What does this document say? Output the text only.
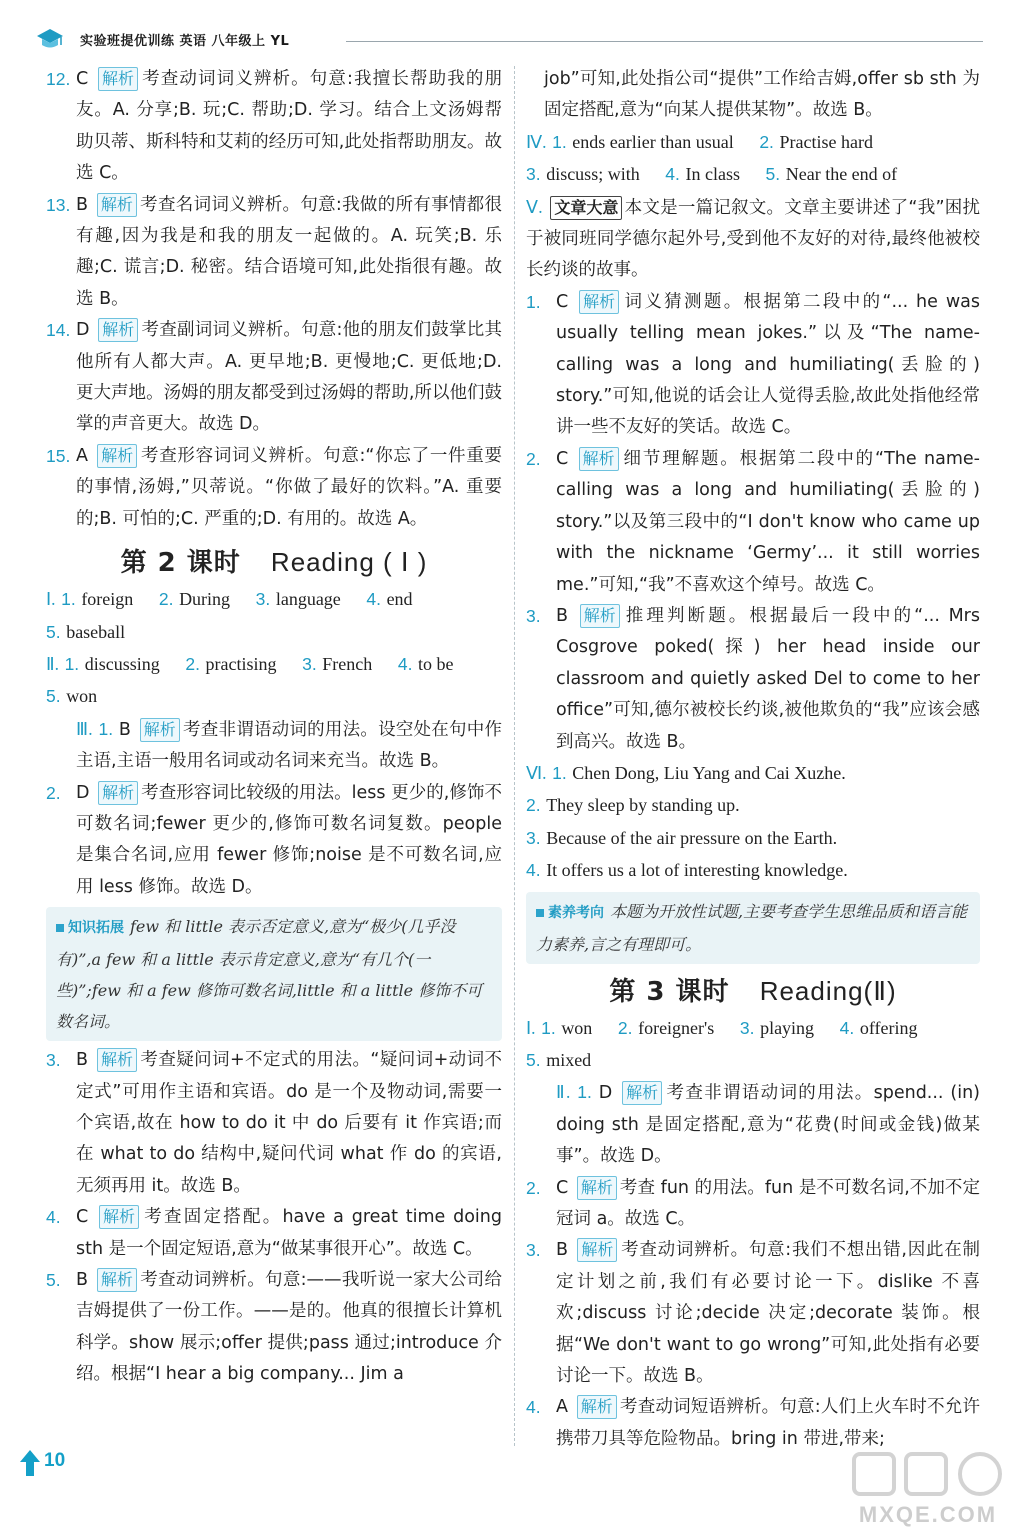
实验班提优训练 英语 八年级上 YL
12. C 解析 考查动词词义辨析。句意:我擅长帮助我的朋友。A. 分享;B. 玩;C. 帮助;D. 学习。结合上文汤姆帮助贝蒂、斯科特和艾莉的经历可知,此处指帮助朋友。故选 C。
13. B 解析 考查名词词义辨析。句意:我做的所有事情都很有趣,因为我是和我的朋友一起做的。A. 玩笑;B. 乐趣;C. 谎言;D. 秘密。结合语境可知,此处指很有趣。故选 B。
14. D 解析 考查副词词义辨析。句意:他的朋友们鼓掌比其他所有人都大声。A. 更早地;B. 更慢地;C. 更低地;D. 更大声地。汤姆的朋友都受到过汤姆的帮助,所以他们鼓掌的声音更大。故选 D。
15. A 解析 考查形容词词义辨析。句意:“你忘了一件重要的事情,汤姆,”贝蒂说。“你做了最好的饮料。”A. 重要的;B. 可怕的;C. 严重的;D. 有用的。故选 A。
第 2 课时 Reading ( Ⅰ )
Ⅰ. 1. foreign 2. During 3. language 4. end
5. baseball
Ⅱ. 1. discussing 2. practising 3. French 4. to be
5. won
Ⅲ. 1. B 解析 考查非谓语动词的用法。设空处在句中作主语,主语一般用名词或动名词来充当。故选 B。
2. D 解析 考查形容词比较级的用法。less 更少的,修饰不可数名词;fewer 更少的,修饰可数名词复数。people 是集合名词,应用 fewer 修饰;noise 是不可数名词,应用 less 修饰。故选 D。
知识拓展 few 和 little 表示否定意义,意为“极少(几乎没有)”,a few 和 a little 表示肯定意义,意为“有几个(一些)”;few 和 a few 修饰可数名词,little 和 a little 修饰不可数名词。
3. B 解析 考查疑问词+不定式的用法。“疑问词+动词不定式”可用作主语和宾语。do 是一个及物动词,需要一个宾语,故在 how to do it 中 do 后要有 it 作宾语;而在 what to do 结构中,疑问代词 what 作 do 的宾语,无须再用 it。故选 B。
4. C 解析 考查固定搭配。have a great time doing sth 是一个固定短语,意为“做某事很开心”。故选 C。
5. B 解析 考查动词辨析。句意:——我听说一家大公司给吉姆提供了一份工作。——是的。他真的很擅长计算机科学。show 展示;offer 提供;pass 通过;introduce 介绍。根据“I hear a big company... Jim a
job”可知,此处指公司“提供”工作给吉姆,offer sb sth 为固定搭配,意为“向某人提供某物”。故选 B。
Ⅳ. 1. ends earlier than usual 2. Practise hard
3. discuss; with 4. In class 5. Near the end of
Ⅴ. 文章大意 本文是一篇记叙文。文章主要讲述了“我”困扰于被同班同学德尔起外号,受到他不友好的对待,最终他被校长约谈的故事。
1. C 解析 词义猜测题。根据第二段中的“... he was usually telling mean jokes.”以及“The name-calling was a long and humiliating(丢脸的) story.”可知,他说的话会让人觉得丢脸,故此处指他经常讲一些不友好的笑话。故选 C。
2. C 解析 细节理解题。根据第二段中的“The name-calling was a long and humiliating(丢脸的) story.”以及第三段中的“I don't know who came up with the nickname ‘Germy’... it still worries me.”可知,“我”不喜欢这个绰号。故选 C。
3. B 解析 推理判断题。根据最后一段中的“... Mrs Cosgrove poked(探) her head inside our classroom and quietly asked Del to come to her office”可知,德尔被校长约谈,被他欺负的“我”应该会感到高兴。故选 B。
Ⅵ. 1. Chen Dong, Liu Yang and Cai Xuzhe.
2. They sleep by standing up.
3. Because of the air pressure on the Earth.
4. It offers us a lot of interesting knowledge.
素养考向 本题为开放性试题,主要考查学生思维品质和语言能力素养,言之有理即可。
第 3 课时 Reading(Ⅱ)
Ⅰ. 1. won 2. foreigner's 3. playing 4. offering
5. mixed
Ⅱ. 1. D 解析 考查非谓语动词的用法。spend... (in) doing sth 是固定搭配,意为“花费(时间或金钱)做某事”。故选 D。
2. C 解析 考查 fun 的用法。fun 是不可数名词,不加不定冠词 a。故选 C。
3. B 解析 考查动词辨析。句意:我们不想出错,因此在制定计划之前,我们有必要讨论一下。dislike 不喜欢;discuss 讨论;decide 决定;decorate 装饰。根据“We don't want to go wrong”可知,此处指有必要讨论一下。故选 B。
4. A 解析 考查动词短语辨析。句意:人们上火车时不允许携带刀具等危险物品。bring in 带进,带来;
10
MXQE.COM
